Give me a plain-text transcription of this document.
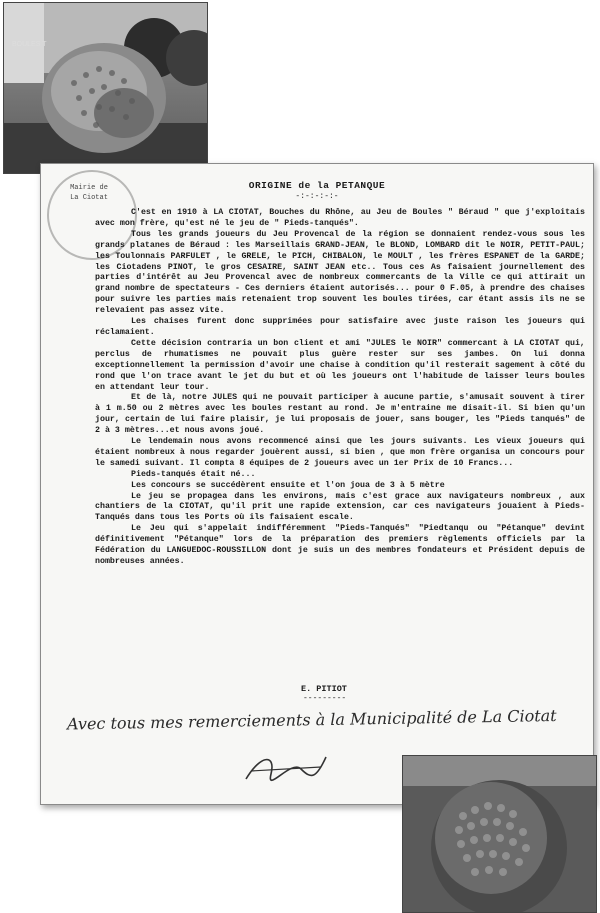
BOULES T
Mairie de
La Ciotat
ORIGINE de la PETANQUE
-:-:-:-:-

C'est en 1910 à LA CIOTAT, Bouches du Rhône, au Jeu de Boules " Béraud " que j'exploitais avec mon frère, qu'est né le jeu de " Pieds-tanqués".

Tous les grands joueurs du Jeu Provencal de la région se donnaient rendez-vous sous les grands platanes de Béraud : les Marseillais GRAND-JEAN, le BLOND, LOMBARD dit le NOIR, PETIT-PAUL; les Toulonnais PARFULET , le GRELE, le PICH, CHIBALON, le MOULT , les frères ESPANET de la GARDE; les Ciotadens PINOT, le gros CESAIRE, SAINT JEAN etc.. Tous ces As faisaient journellement des parties d'intérêt au Jeu Provencal avec de nombreux commercants de la Ville ce qui attirait un grand nombre de spectateurs - Ces derniers étaient autorisés... pour 0 F.05, à prendre des chaises pour suivre les parties mais retenaient trop souvent les boules tirées, car étant assis ils ne se relevaient pas assez vite.

Les chaises furent donc supprimées pour satisfaire avec juste raison les joueurs qui réclamaient.

Cette décision contraria un bon client et ami "JULES le NOIR" commercant à LA CIOTAT qui, perclus de rhumatismes ne pouvait plus guère rester sur ses jambes. On lui donna exceptionnellement la permission d'avoir une chaise à condition qu'il resterait sagement à côté du rond que l'on trace avant le jet du but et où les joueurs ont l'habitude de laisser leurs boules en attendant leur tour.

Et de là, notre JULES qui ne pouvait participer à aucune partie, s'amusait souvent à tirer à 1 m.50 ou 2 mètres avec les boules restant au rond. Je m'entraine me disait-il. Si bien qu'un jour, certain de lui faire plaisir, je lui proposais de jouer, sans bouger, les "Pieds tanqués" de 2 à 3 mètres...et nous avons joué.

Le lendemain nous avons recommencé ainsi que les jours suivants. Les vieux joueurs qui étaient nombreux à nous regarder jouèrent aussi, si bien , que mon frère organisa un concours pour le samedi suivant. Il compta 8 équipes de 2 joueurs avec un 1er Prix de 10 Francs...

Pieds-tanqués était né...

Les concours se succédèrent ensuite et l'on joua de 3 à 5 mètre

Le jeu se propagea dans les environs, mais c'est grace aux navigateurs nombreux , aux chantiers de la CIOTAT, qu'il prit une rapide extension, car ces navigateurs jouaient à Pieds-Tanqués dans tous les Ports où ils faisaient escale.

Le Jeu qui s'appelait indifféremment "Pieds-Tanqués" "Piedtanqu ou "Pétanque" devint définitivement "Pétanque" lors de la préparation des premiers règlements officiels par la Fédération du LANGUEDOC-ROUSSILLON dont je suis un des membres fondateurs et Président depuis de nombreuses années.

E. PITIOT
---------
Avec tous mes remerciements à la Municipalité de La Ciotat
